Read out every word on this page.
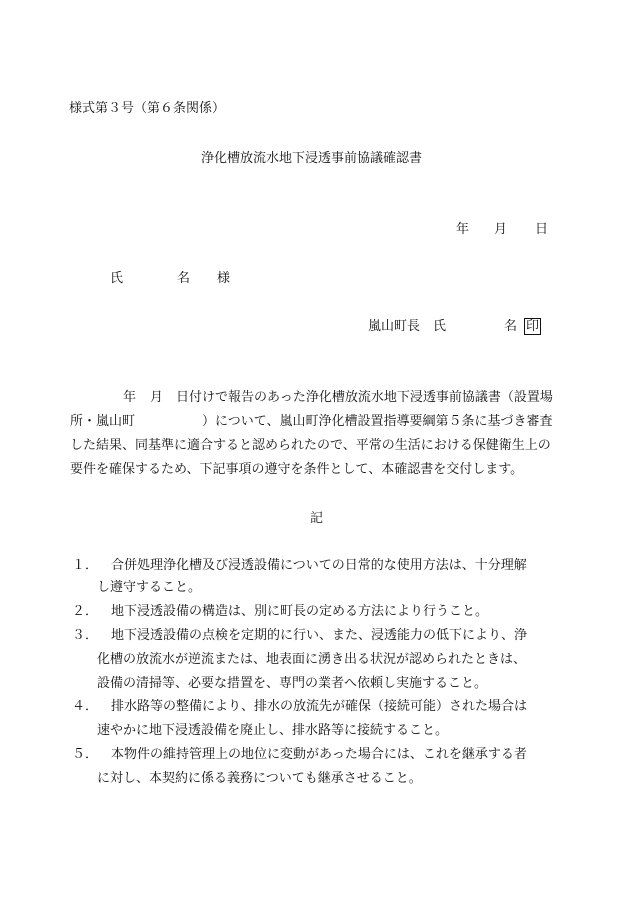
様式第３号（第６条関係）
浄化槽放流水地下浸透事前協議確認書
年 月 日
氏	名 様
嵐山町長　氏	名 印
年 月 日付けで報告のあった浄化槽放流水地下浸透事前協議書（設置場
所・嵐山町	）について、嵐山町浄化槽設置指導要綱第５条に基づき審査
した結果、同基準に適合すると認められたので、平常の生活における保健衛生上の
要件を確保するため、下記事項の遵守を条件として、本確認書を交付します。
記
１． 合併処理浄化槽及び浸透設備についての日常的な使用方法は、十分理解
し遵守すること。
２． 地下浸透設備の構造は、別に町長の定める方法により行うこと。
３． 地下浸透設備の点検を定期的に行い、また、浸透能力の低下により、浄
化槽の放流水が逆流または、地表面に湧き出る状況が認められたときは、
設備の清掃等、必要な措置を、専門の業者へ依頼し実施すること。
４． 排水路等の整備により、排水の放流先が確保（接続可能）された場合は
速やかに地下浸透設備を廃止し、排水路等に接続すること。
５． 本物件の維持管理上の地位に変動があった場合には、これを継承する者
に対し、本契約に係る義務についても継承させること。
